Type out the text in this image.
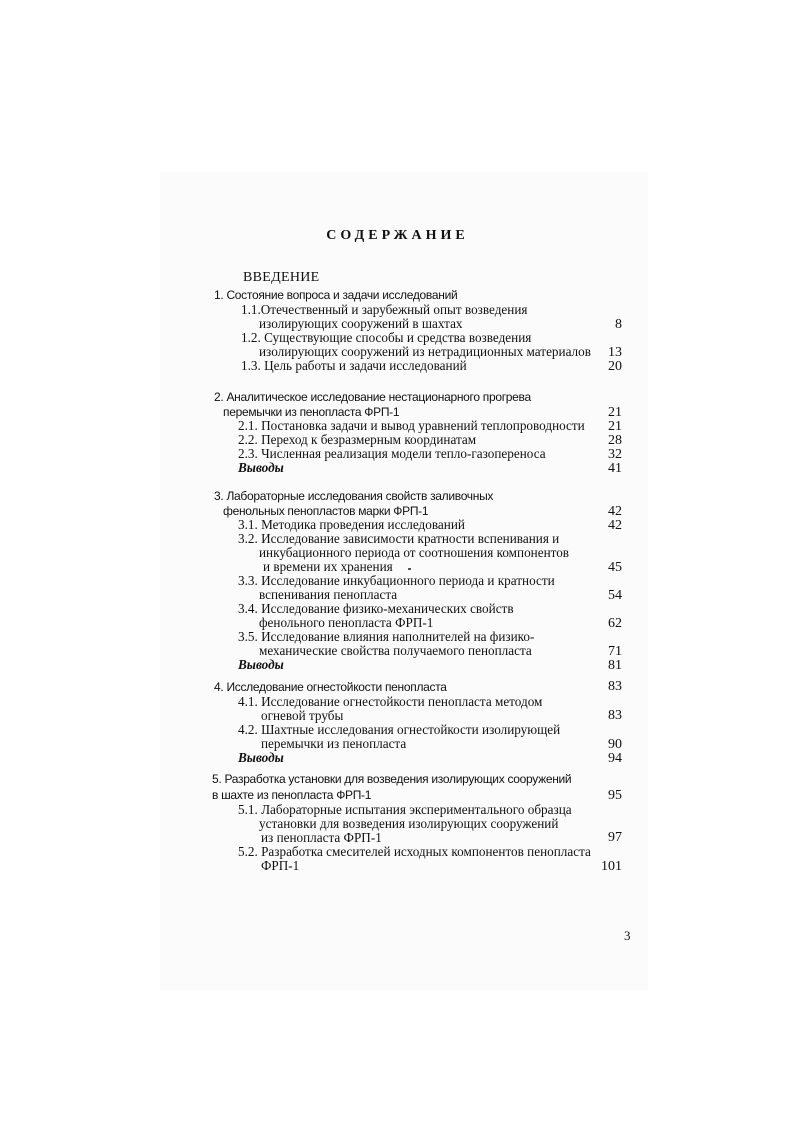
СОДЕРЖАНИЕ
ВВЕДЕНИЕ
1. Состояние вопроса и задачи исследований
1.1.Отечественный и зарубежный опыт возведения
изолирующих сооружений в шахтах	8
1.2. Существующие способы и средства возведения
изолирующих сооружений из нетрадиционных материалов 13
1.3. Цель работы и задачи исследований	20
2. Аналитическое исследование нестационарного прогрева
перемычки из пенопласта ФРП-1	21
2.1. Постановка задачи и вывод уравнений теплопроводности 21
2.2. Переход к безразмерным координатам	28
2.3. Численная реализация модели тепло-газопереноса	32
Выводы	41
3. Лабораторные исследования свойств заливочных
фенольных пенопластов марки ФРП-1	42
3.1. Методика проведения исследований	42
3.2. Исследование зависимости кратности вспенивания и
инкубационного периода от соотношения компонентов
и времени их хранения	45
3.3. Исследование инкубационного периода и кратности
вспенивания пенопласта	54
3.4. Исследование физико-механических свойств
фенольного пенопласта ФРП-1	62
3.5. Исследование влияния наполнителей на физико-
механические свойства получаемого пенопласта	71
Выводы	81
4. Исследование огнестойкости пенопласта	83
4.1. Исследование огнестойкости пенопласта методом
огневой трубы	83
4.2. Шахтные исследования огнестойкости изолирующей
перемычки из пенопласта	90
Выводы	94
5. Разработка установки для возведения изолирующих сооружений
в шахте из пенопласта ФРП-1	95
5.1. Лабораторные испытания экспериментального образца
установки для возведения изолирующих сооружений
из пенопласта ФРП-1	97
5.2. Разработка смесителей исходных компонентов пенопласта
ФРП-1	101
3
